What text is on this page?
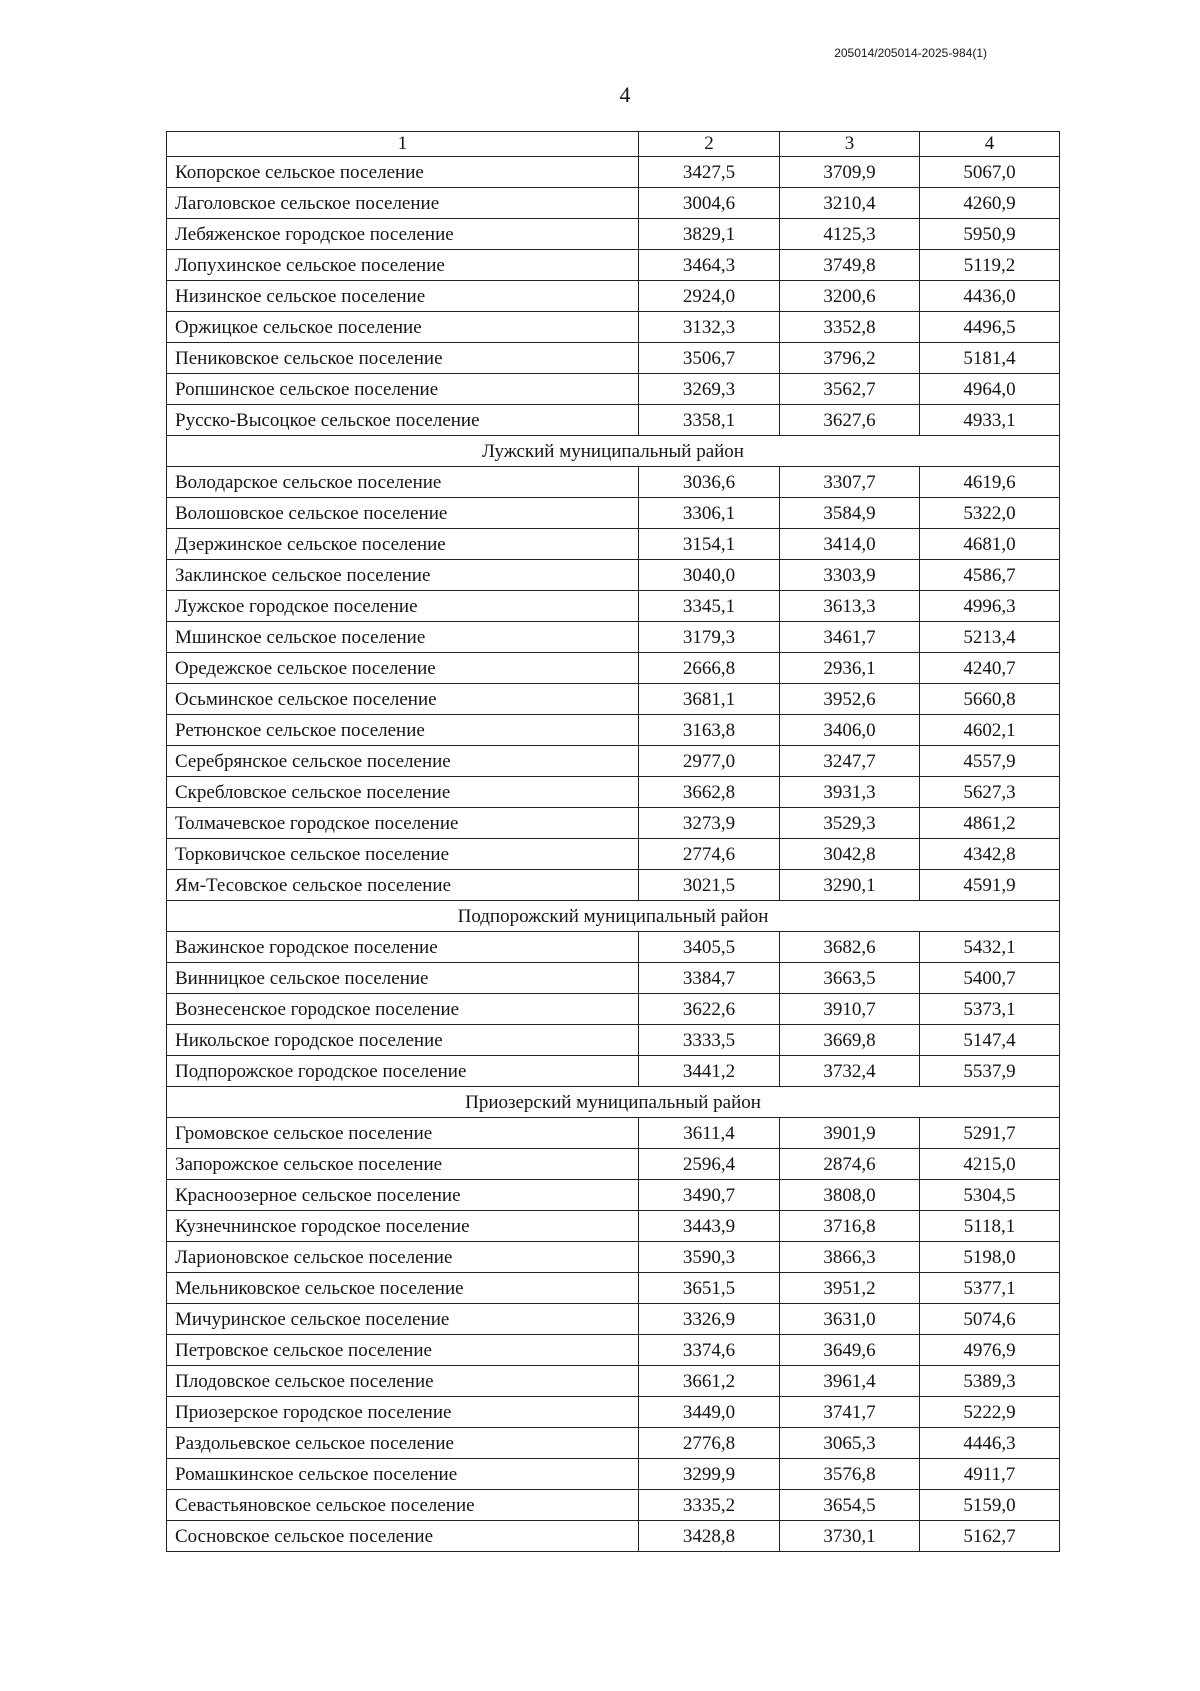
205014/205014-2025-984(1)
4
1	2	3	4
Копорское сельское поселение	3427,5	3709,9	5067,0
Лаголовское сельское поселение	3004,6	3210,4	4260,9
Лебяженское городское поселение	3829,1	4125,3	5950,9
Лопухинское сельское поселение	3464,3	3749,8	5119,2
Низинское сельское поселение	2924,0	3200,6	4436,0
Оржицкое сельское поселение	3132,3	3352,8	4496,5
Пениковское сельское поселение	3506,7	3796,2	5181,4
Ропшинское сельское поселение	3269,3	3562,7	4964,0
Русско-Высоцкое сельское поселение	3358,1	3627,6	4933,1
Лужский муниципальный район			
Володарское сельское поселение	3036,6	3307,7	4619,6
Волошовское сельское поселение	3306,1	3584,9	5322,0
Дзержинское сельское поселение	3154,1	3414,0	4681,0
Заклинское сельское поселение	3040,0	3303,9	4586,7
Лужское городское поселение	3345,1	3613,3	4996,3
Мшинское сельское поселение	3179,3	3461,7	5213,4
Оредежское сельское поселение	2666,8	2936,1	4240,7
Осьминское сельское поселение	3681,1	3952,6	5660,8
Ретюнское сельское поселение	3163,8	3406,0	4602,1
Серебрянское сельское поселение	2977,0	3247,7	4557,9
Скребловское сельское поселение	3662,8	3931,3	5627,3
Толмачевское городское поселение	3273,9	3529,3	4861,2
Торковичское сельское поселение	2774,6	3042,8	4342,8
Ям-Тесовское сельское поселение	3021,5	3290,1	4591,9
Подпорожский муниципальный район			
Важинское городское поселение	3405,5	3682,6	5432,1
Винницкое сельское поселение	3384,7	3663,5	5400,7
Вознесенское городское поселение	3622,6	3910,7	5373,1
Никольское городское поселение	3333,5	3669,8	5147,4
Подпорожское городское поселение	3441,2	3732,4	5537,9
Приозерский муниципальный район			
Громовское сельское поселение	3611,4	3901,9	5291,7
Запорожское сельское поселение	2596,4	2874,6	4215,0
Красноозерное сельское поселение	3490,7	3808,0	5304,5
Кузнечнинское городское поселение	3443,9	3716,8	5118,1
Ларионовское сельское поселение	3590,3	3866,3	5198,0
Мельниковское сельское поселение	3651,5	3951,2	5377,1
Мичуринское сельское поселение	3326,9	3631,0	5074,6
Петровское сельское поселение	3374,6	3649,6	4976,9
Плодовское сельское поселение	3661,2	3961,4	5389,3
Приозерское городское поселение	3449,0	3741,7	5222,9
Раздольевское сельское поселение	2776,8	3065,3	4446,3
Ромашкинское сельское поселение	3299,9	3576,8	4911,7
Севастьяновское сельское поселение	3335,2	3654,5	5159,0
Сосновское сельское поселение	3428,8	3730,1	5162,7
